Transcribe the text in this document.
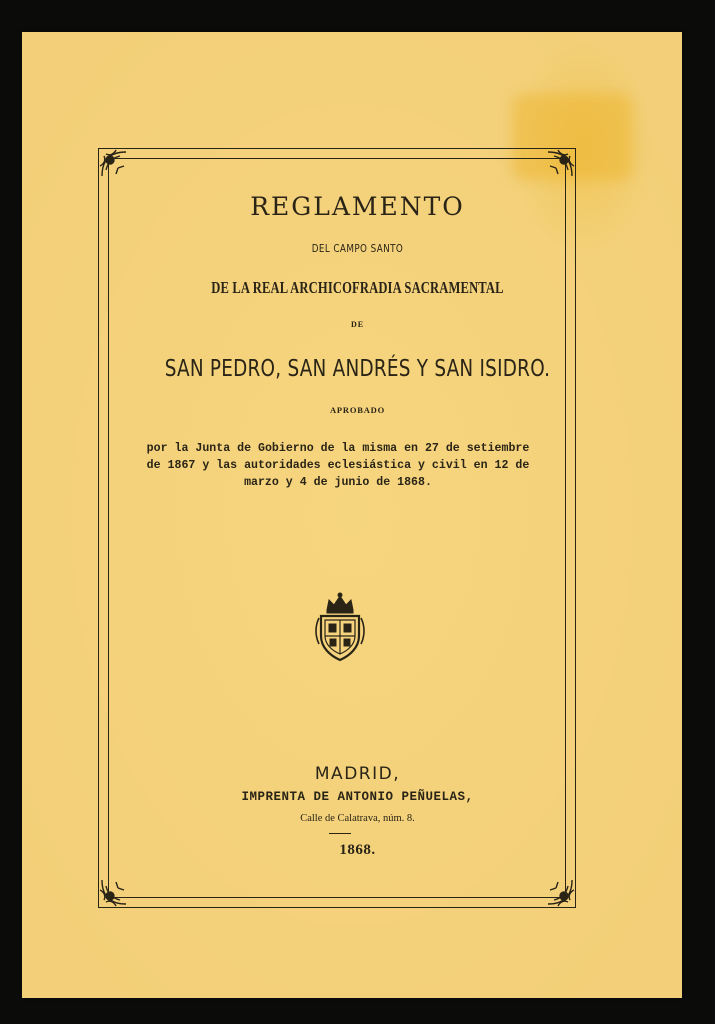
REGLAMENTO
DEL CAMPO SANTO
DE LA REAL ARCHICOFRADIA SACRAMENTAL
DE
SAN PEDRO, SAN ANDRÉS Y SAN ISIDRO.
APROBADO
por la Junta de Gobierno de la misma en 27 de setiembre
de 1867 y las autoridades eclesiástica y civil en 12 de
marzo y 4 de junio de 1868.
MADRID,
IMPRENTA DE ANTONIO PEÑUELAS,
Calle de Calatrava, núm. 8.
1868.
